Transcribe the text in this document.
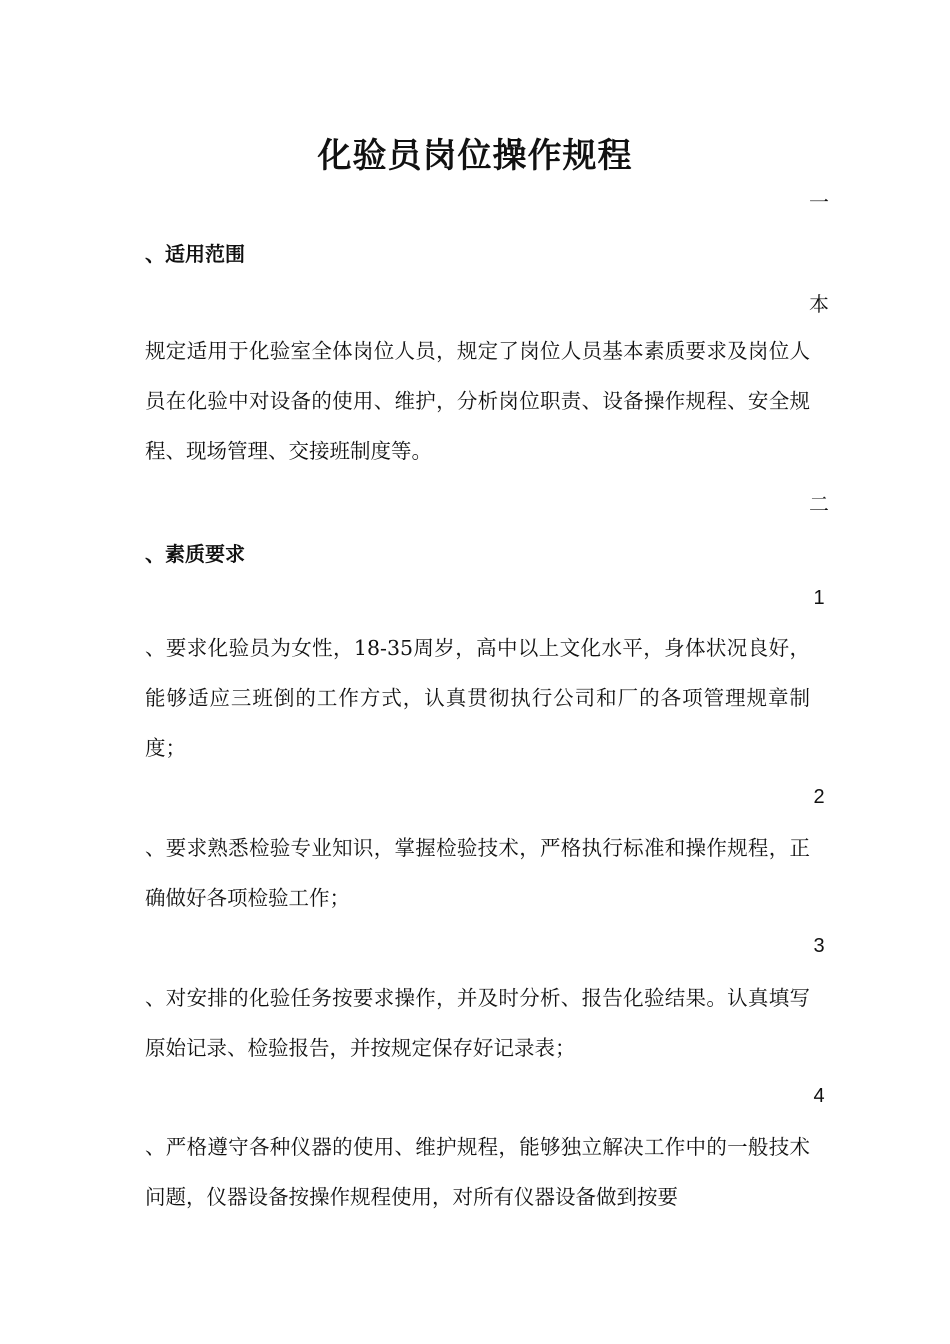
化验员岗位操作规程
一
、适用范围
本
规定适用于化验室全体岗位人员，规定了岗位人员基本素质要求及岗位人员在化验中对设备的使用、维护，分析岗位职责、设备操作规程、安全规程、现场管理、交接班制度等。
二
、素质要求
1
、要求化验员为女性，18-35周岁，高中以上文化水平，身体状况良好，能够适应三班倒的工作方式，认真贯彻执行公司和厂的各项管理规章制度；
2
、要求熟悉检验专业知识，掌握检验技术，严格执行标准和操作规程，正确做好各项检验工作；
3
、对安排的化验任务按要求操作，并及时分析、报告化验结果。认真填写原始记录、检验报告，并按规定保存好记录表；
4
、严格遵守各种仪器的使用、维护规程，能够独立解决工作中的一般技术问题，仪器设备按操作规程使用，对所有仪器设备做到按要
